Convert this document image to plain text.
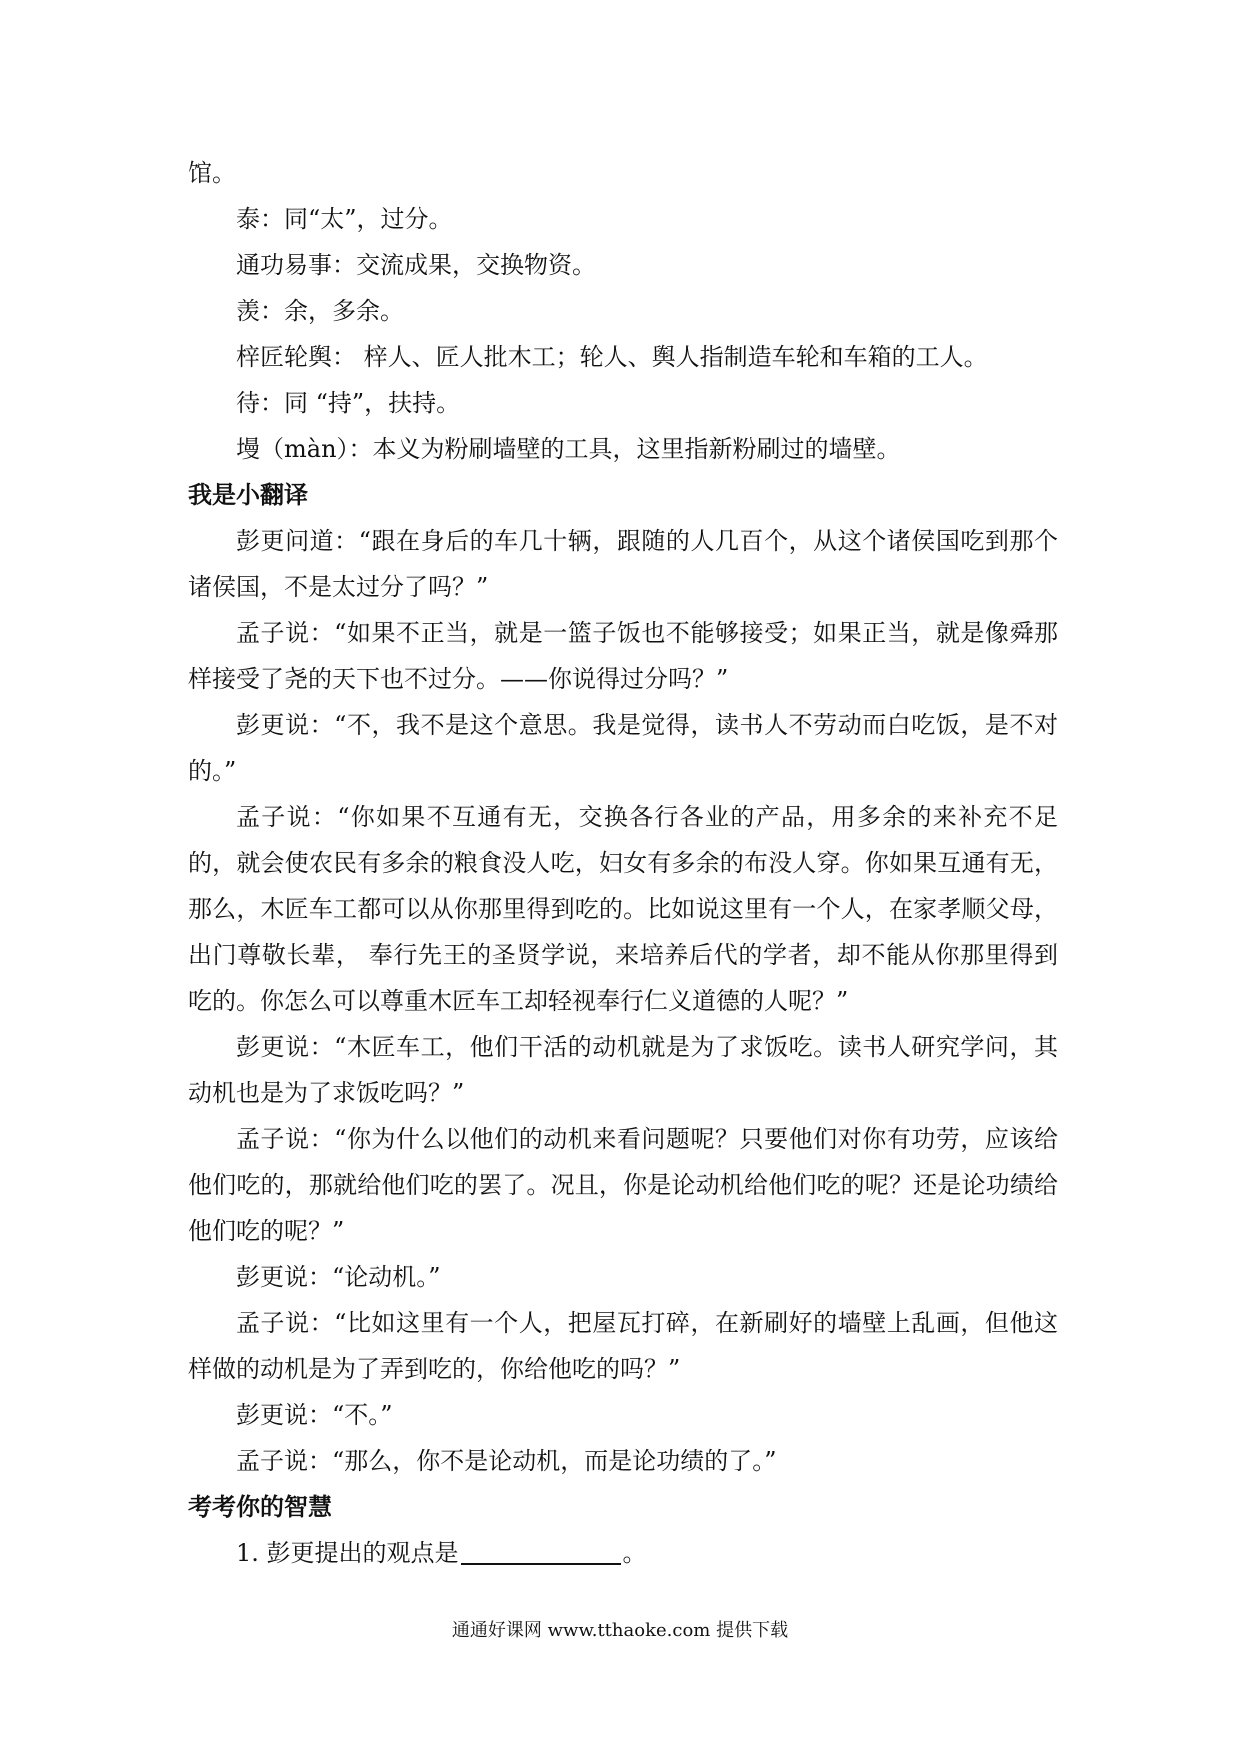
馆。

泰：同“太”，过分。

通功易事：交流成果，交换物资。

羡：余，多余。

梓匠轮舆： 梓人、匠人批木工；轮人、舆人指制造车轮和车箱的工人。

待：同 “持”，扶持。

墁（màn）：本义为粉刷墙壁的工具，这里指新粉刷过的墙壁。

我是小翻译

彭更问道：“跟在身后的车几十辆，跟随的人几百个，从这个诸侯国吃到那个诸侯国，不是太过分了吗？”

孟子说：“如果不正当，就是一篮子饭也不能够接受；如果正当，就是像舜那样接受了尧的天下也不过分。——你说得过分吗？”

彭更说：“不，我不是这个意思。我是觉得，读书人不劳动而白吃饭，是不对的。”

孟子说：“你如果不互通有无，交换各行各业的产品，用多余的来补充不足的，就会使农民有多余的粮食没人吃，妇女有多余的布没人穿。你如果互通有无，那么，木匠车工都可以从你那里得到吃的。比如说这里有一个人，在家孝顺父母，出门尊敬长辈， 奉行先王的圣贤学说，来培养后代的学者，却不能从你那里得到吃的。你怎么可以尊重木匠车工却轻视奉行仁义道德的人呢？”

彭更说：“木匠车工，他们干活的动机就是为了求饭吃。读书人研究学问，其动机也是为了求饭吃吗？”

孟子说：“你为什么以他们的动机来看问题呢？只要他们对你有功劳，应该给他们吃的，那就给他们吃的罢了。况且，你是论动机给他们吃的呢？还是论功绩给他们吃的呢？”

彭更说：“论动机。”

孟子说：“比如这里有一个人，把屋瓦打碎，在新刷好的墙壁上乱画，但他这样做的动机是为了弄到吃的，你给他吃的吗？”

彭更说：“不。”

孟子说：“那么，你不是论动机，而是论功绩的了。”

考考你的智慧

1. 彭更提出的观点是	。

通通好课网 www.tthaoke.com 提供下载
